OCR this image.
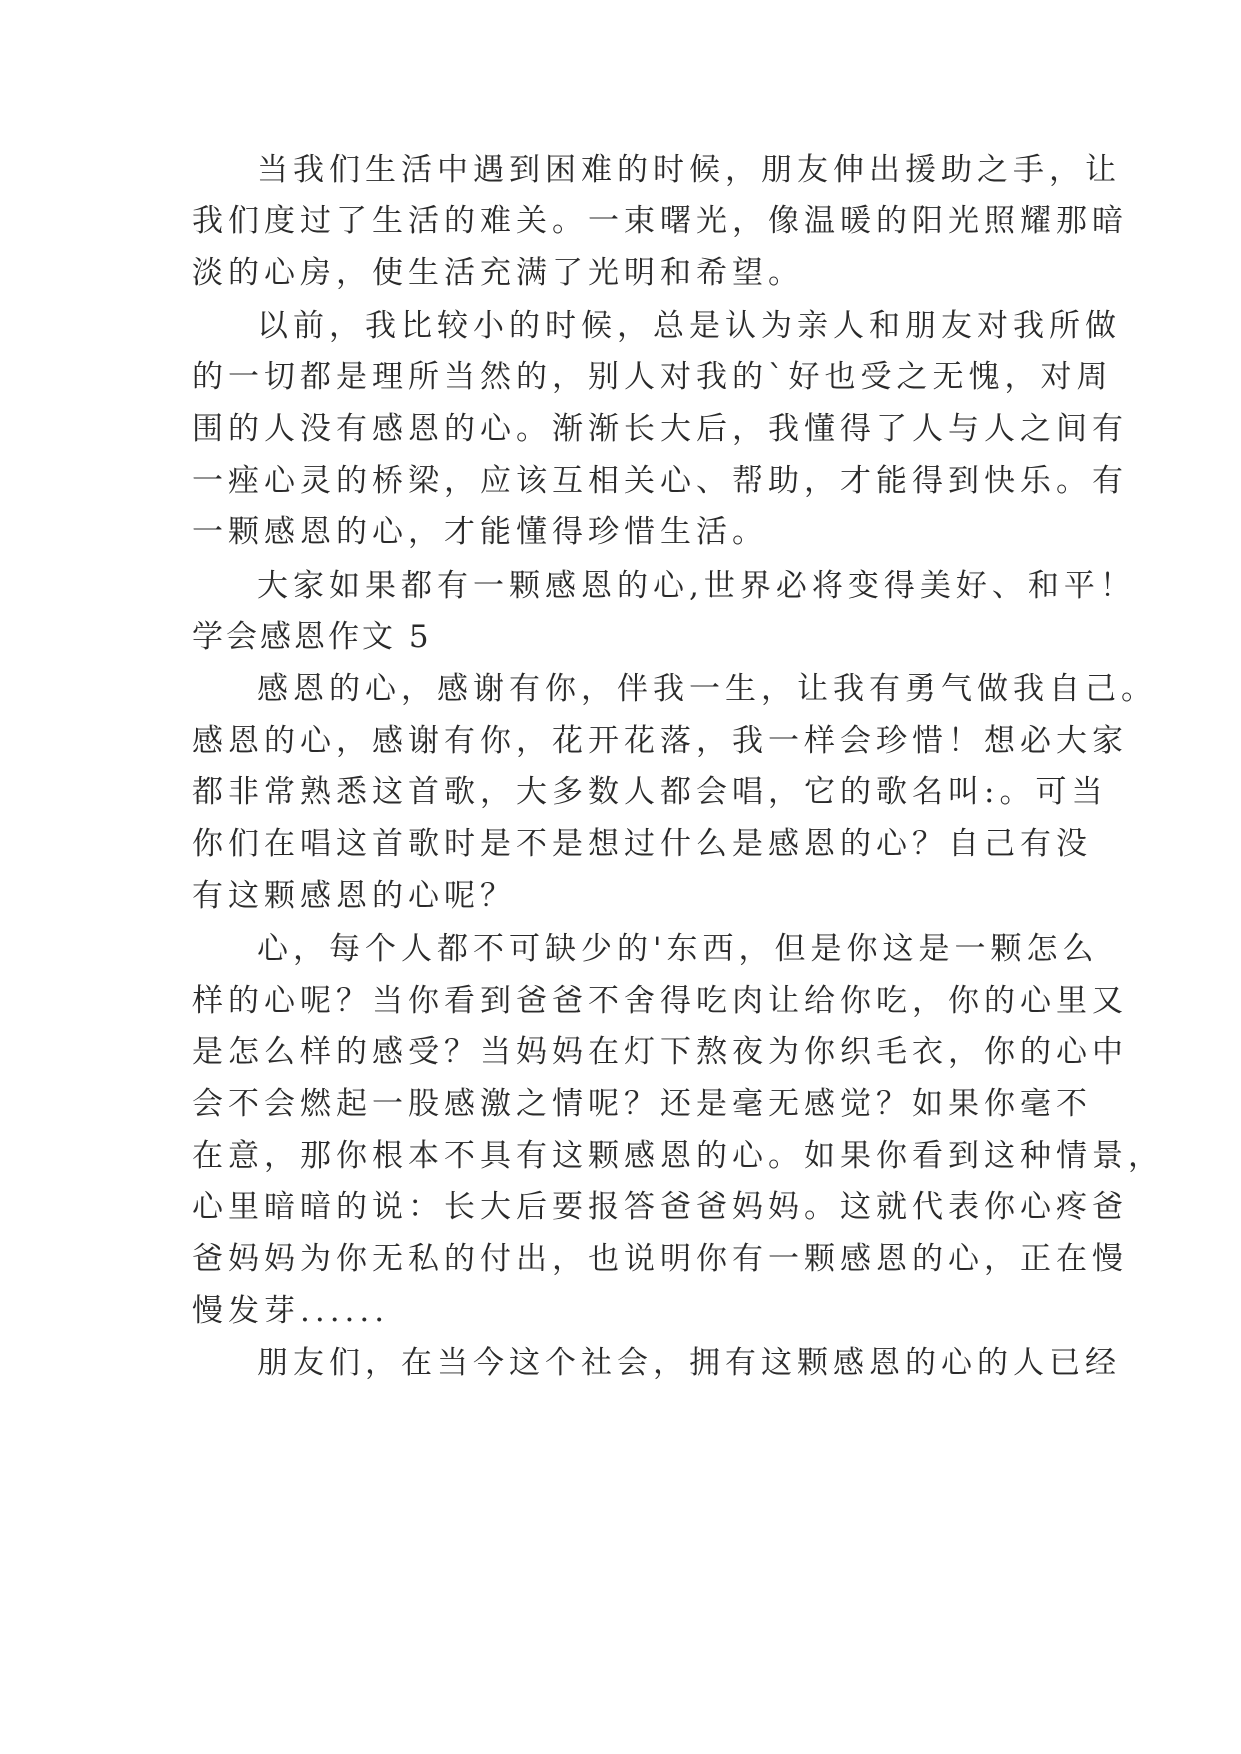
当我们生活中遇到困难的时候，朋友伸出援助之手，让
我们度过了生活的难关。一束曙光，像温暖的阳光照耀那暗
淡的心房，使生活充满了光明和希望。
以前，我比较小的时候，总是认为亲人和朋友对我所做
的一切都是理所当然的，别人对我的`好也受之无愧，对周
围的人没有感恩的心。渐渐长大后，我懂得了人与人之间有
一痤心灵的桥梁，应该互相关心、帮助，才能得到快乐。有
一颗感恩的心，才能懂得珍惜生活。
大家如果都有一颗感恩的心,世界必将变得美好、和平！
学会感恩作文 5
感恩的心，感谢有你，伴我一生，让我有勇气做我自己。
感恩的心，感谢有你，花开花落，我一样会珍惜！想必大家
都非常熟悉这首歌，大多数人都会唱，它的歌名叫:。可当
你们在唱这首歌时是不是想过什么是感恩的心？自己有没
有这颗感恩的心呢？
心，每个人都不可缺少的'东西，但是你这是一颗怎么
样的心呢？当你看到爸爸不舍得吃肉让给你吃，你的心里又
是怎么样的感受？当妈妈在灯下熬夜为你织毛衣，你的心中
会不会燃起一股感激之情呢？还是毫无感觉？如果你毫不
在意，那你根本不具有这颗感恩的心。如果你看到这种情景，
心里暗暗的说：长大后要报答爸爸妈妈。这就代表你心疼爸
爸妈妈为你无私的付出，也说明你有一颗感恩的心，正在慢
慢发芽......
朋友们，在当今这个社会，拥有这颗感恩的心的人已经
